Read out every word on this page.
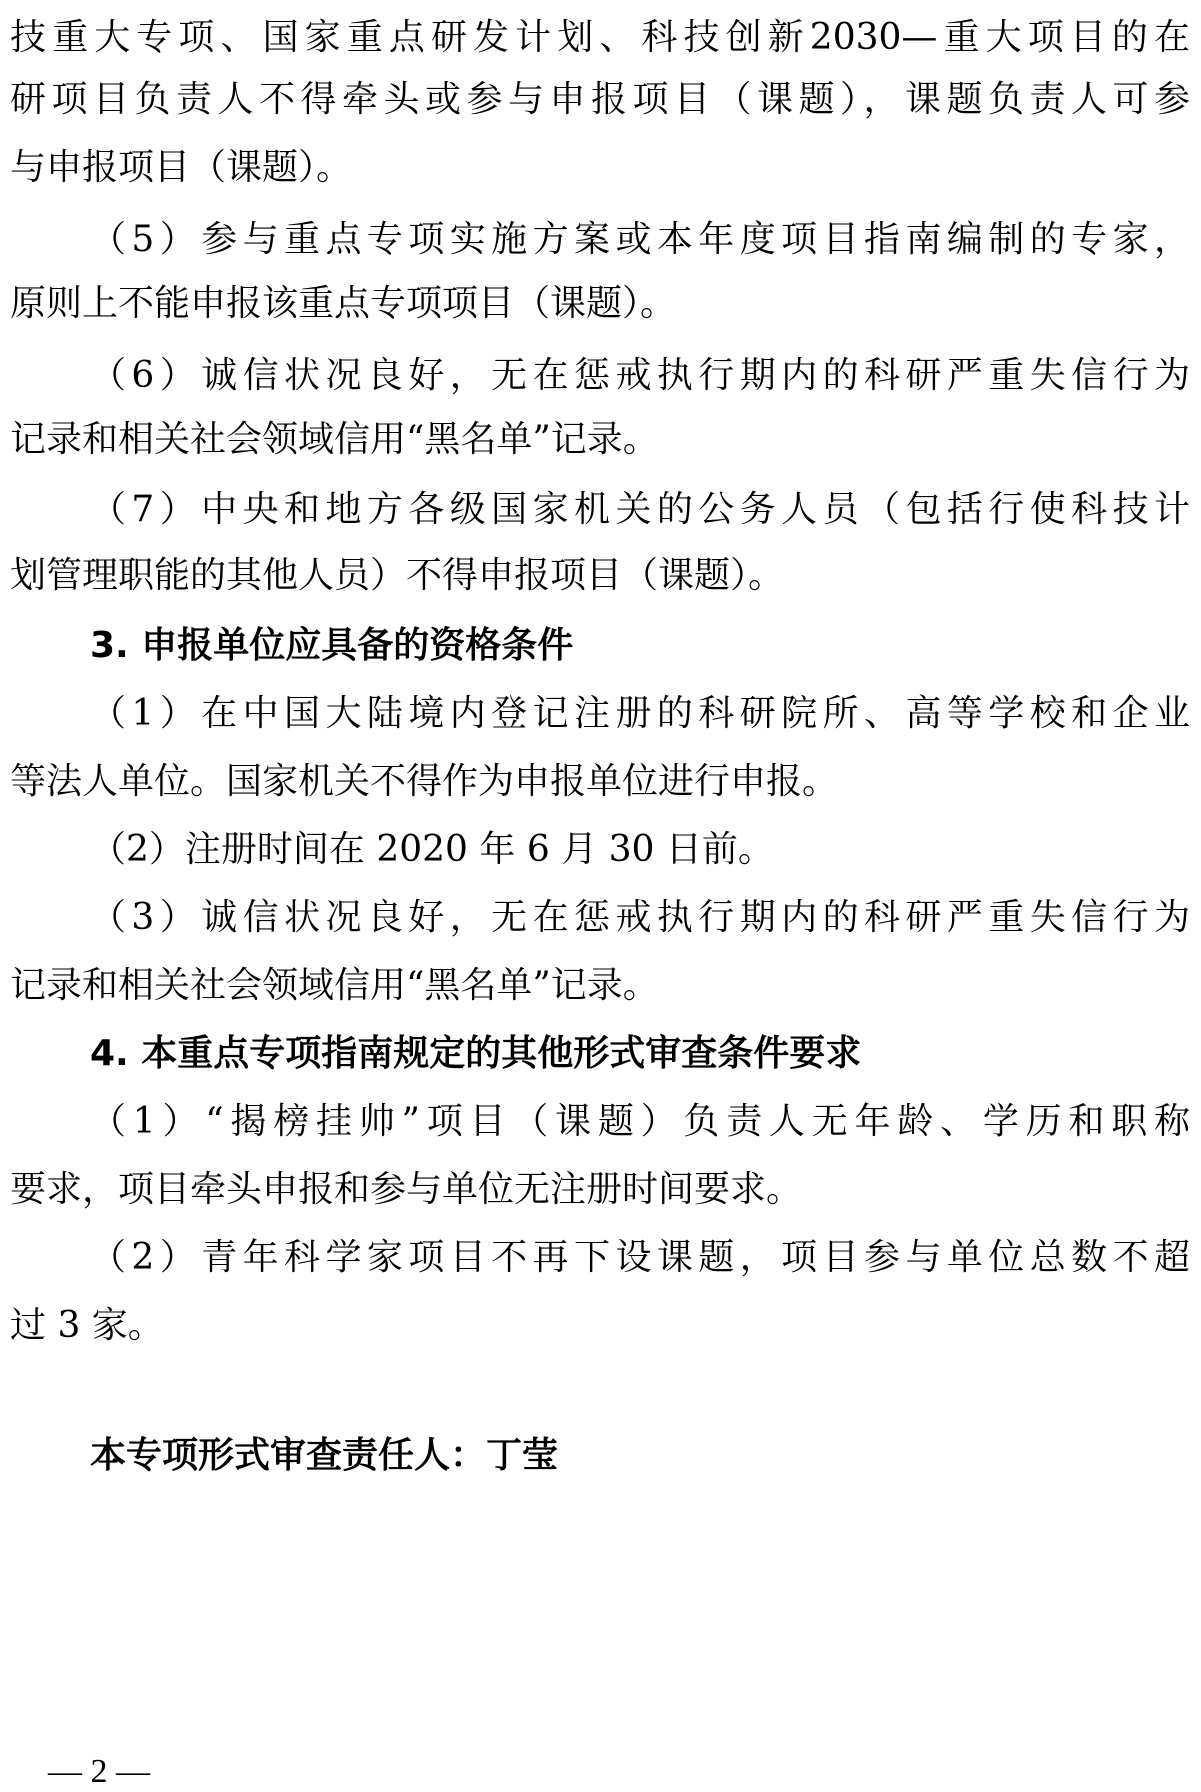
技重大专项、国家重点研发计划、科技创新2030—重大项目的在

研项目负责人不得牵头或参与申报项目（课题），课题负责人可参

与申报项目（课题）。

（5）参与重点专项实施方案或本年度项目指南编制的专家，

原则上不能申报该重点专项项目（课题）。

（6）诚信状况良好，无在惩戒执行期内的科研严重失信行为

记录和相关社会领域信用“黑名单”记录。

（7）中央和地方各级国家机关的公务人员（包括行使科技计

划管理职能的其他人员）不得申报项目（课题）。

3. 申报单位应具备的资格条件

（1）在中国大陆境内登记注册的科研院所、高等学校和企业

等法人单位。国家机关不得作为申报单位进行申报。

（2）注册时间在 2020 年 6 月 30 日前。

（3）诚信状况良好，无在惩戒执行期内的科研严重失信行为

记录和相关社会领域信用“黑名单”记录。

4. 本重点专项指南规定的其他形式审查条件要求

（1）“揭榜挂帅”项目（课题）负责人无年龄、学历和职称

要求，项目牵头申报和参与单位无注册时间要求。

（2）青年科学家项目不再下设课题，项目参与单位总数不超

过 3 家。

本专项形式审查责任人：丁莹

— 2 —
